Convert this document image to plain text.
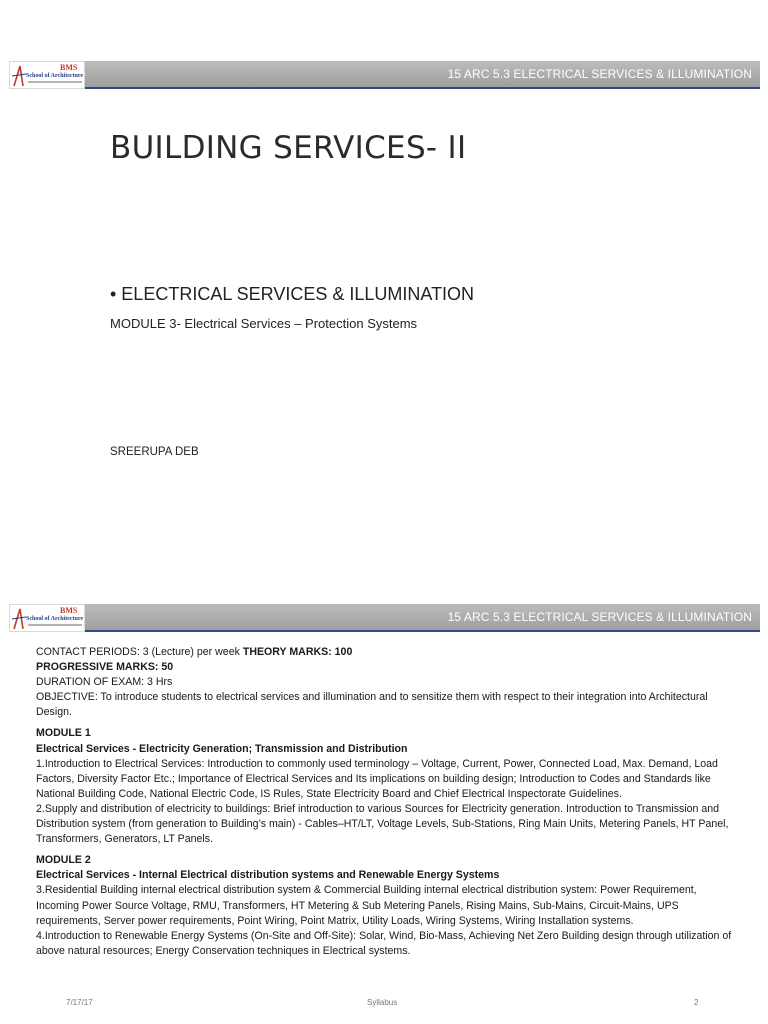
BMS
School of Architecture	15 ARC 5.3 ELECTRICAL SERVICES & ILLUMINATION
BUILDING SERVICES- II
• ELECTRICAL SERVICES & ILLUMINATION
MODULE 3- Electrical Services – Protection Systems
SREERUPA DEB
BMS
School of Architecture	15 ARC 5.3 ELECTRICAL SERVICES & ILLUMINATION

CONTACT PERIODS: 3 (Lecture) per week THEORY MARKS: 100

PROGRESSIVE MARKS: 50

DURATION OF EXAM: 3 Hrs

OBJECTIVE: To introduce students to electrical services and illumination and to sensitize them with respect to their integration into Architectural Design.

MODULE 1

Electrical Services - Electricity Generation; Transmission and Distribution

1.Introduction to Electrical Services: Introduction to commonly used terminology – Voltage, Current, Power, Connected Load, Max. Demand, Load Factors, Diversity Factor Etc.; Importance of Electrical Services and Its implications on building design; Introduction to Codes and Standards like National Building Code, National Electric Code, IS Rules, State Electricity Board and Chief Electrical Inspectorate Guidelines.

2.Supply and distribution of electricity to buildings: Brief introduction to various Sources for Electricity generation. Introduction to Transmission and Distribution system (from generation to Building’s main) - Cables–HT/LT, Voltage Levels, Sub-Stations, Ring Main Units, Metering Panels, HT Panel, Transformers, Generators, LT Panels.

MODULE 2

Electrical Services - Internal Electrical distribution systems and Renewable Energy Systems

3.Residential Building internal electrical distribution system & Commercial Building internal electrical distribution system: Power Requirement, Incoming Power Source Voltage, RMU, Transformers, HT Metering & Sub Metering Panels, Rising Mains, Sub-Mains, Circuit-Mains, UPS requirements, Server power requirements, Point Wiring, Point Matrix, Utility Loads, Wiring Systems, Wiring Installation systems.

4.Introduction to Renewable Energy Systems (On-Site and Off-Site): Solar, Wind, Bio-Mass, Achieving Net Zero Building design through utilization of above natural resources; Energy Conservation techniques in Electrical systems.

7/17/17	Syllabus	2
